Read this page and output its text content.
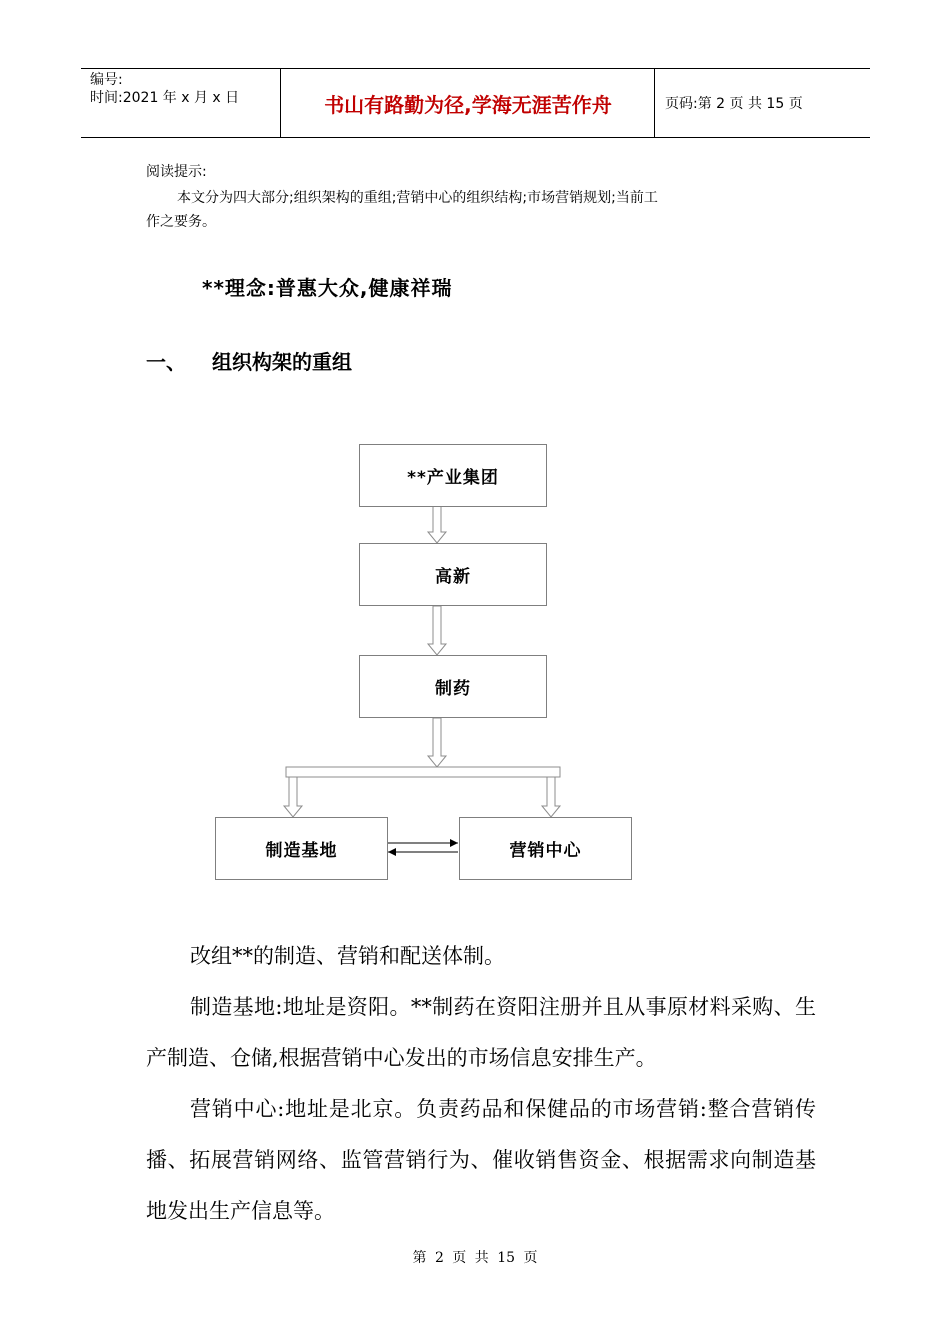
编号:
时间:2021 年 x 月 x 日	书山有路勤为径,学海无涯苦作舟	页码:第 2 页 共 15 页
阅读提示:
本文分为四大部分;组织架构的重组;营销中心的组织结构;市场营销规划;当前工
作之要务。
**理念:普惠大众,健康祥瑞
一、 组织构架的重组
**产业集团
高新
制药
制造基地	营销中心
改组**的制造、营销和配送体制。
制造基地:地址是资阳。**制药在资阳注册并且从事原材料采购、生产制造、仓储,根据营销中心发出的市场信息安排生产。
营销中心:地址是北京。负责药品和保健品的市场营销:整合营销传播、拓展营销网络、监管营销行为、催收销售资金、根据需求向制造基地发出生产信息等。
第 2 页 共 15 页
